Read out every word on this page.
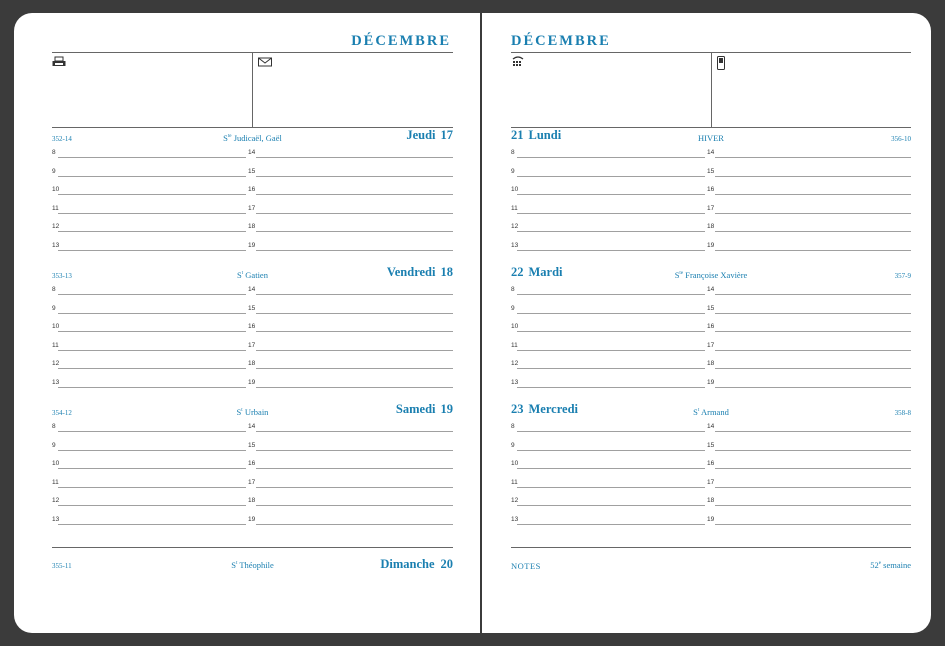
DÉCEMBRE
352-14	$S^{te}$ Judicaël, Gaël	Jeudi 17
8	14
9	15
10	16
11	17
12	18
13	19
353-13	$S^t$ Gatien	Vendredi 18
8	14
9	15
10	16
11	17
12	18
13	19
354-12	$S^t$ Urbain	Samedi 19
8	14
9	15
10	16
11	17
12	18
13	19
355-11	$S^t$ Théophile	Dimanche 20
DÉCEMBRE
21 Lundi	HIVER	356-10
8	14
9	15
10	16
11	17
12	18
13	19
22 Mardi	$S^{te}$ Françoise Xavière	357-9
8	14
9	15
10	16
11	17
12	18
13	19
23 Mercredi	$S^t$ Armand	358-8
8	14
9	15
10	16
11	17
12	18
13	19
NOTES	52e semaine
